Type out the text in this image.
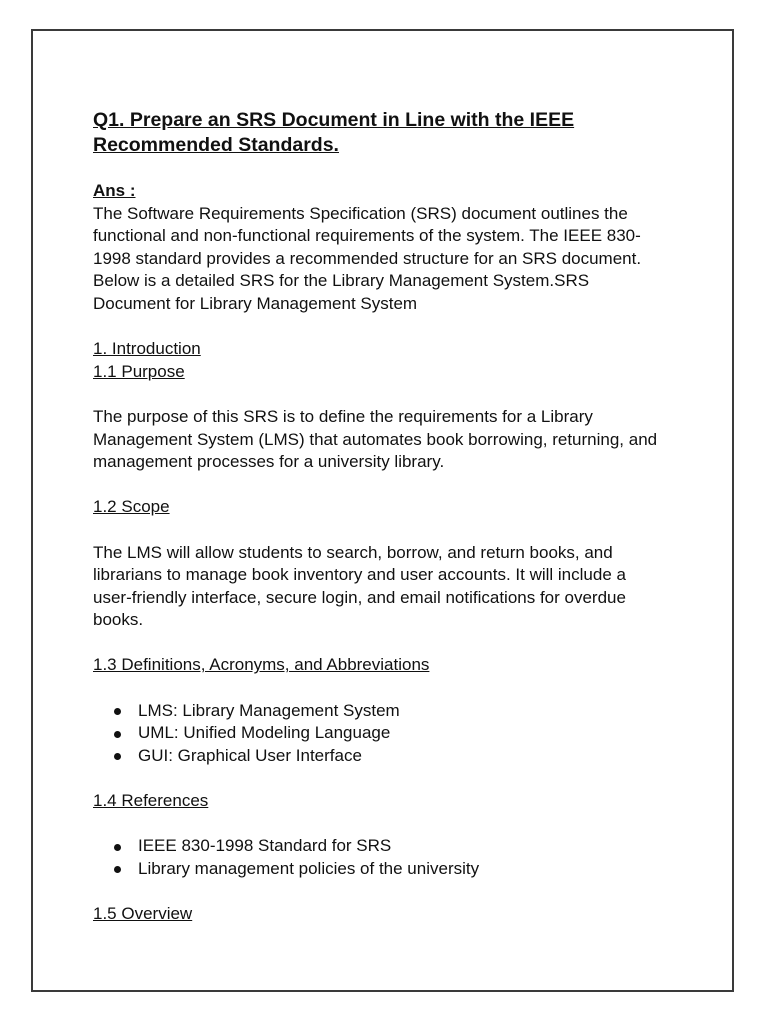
Q1. Prepare an SRS Document in Line with the IEEE
Recommended Standards.
Ans :

The Software Requirements Specification (SRS) document outlines the functional and non-functional requirements of the system. The IEEE 830-1998 standard provides a recommended structure for an SRS document. Below is a detailed SRS for the Library Management System.SRS Document for Library Management System

1. Introduction

1.1 Purpose

The purpose of this SRS is to define the requirements for a Library Management System (LMS) that automates book borrowing, returning, and management processes for a university library.

1.2 Scope

The LMS will allow students to search, borrow, and return books, and librarians to manage book inventory and user accounts. It will include a user-friendly interface, secure login, and email notifications for overdue books.

1.3 Definitions, Acronyms, and Abbreviations

LMS: Library Management System
UML: Unified Modeling Language
GUI: Graphical User Interface

1.4 References

IEEE 830-1998 Standard for SRS
Library management policies of the university

1.5 Overview
